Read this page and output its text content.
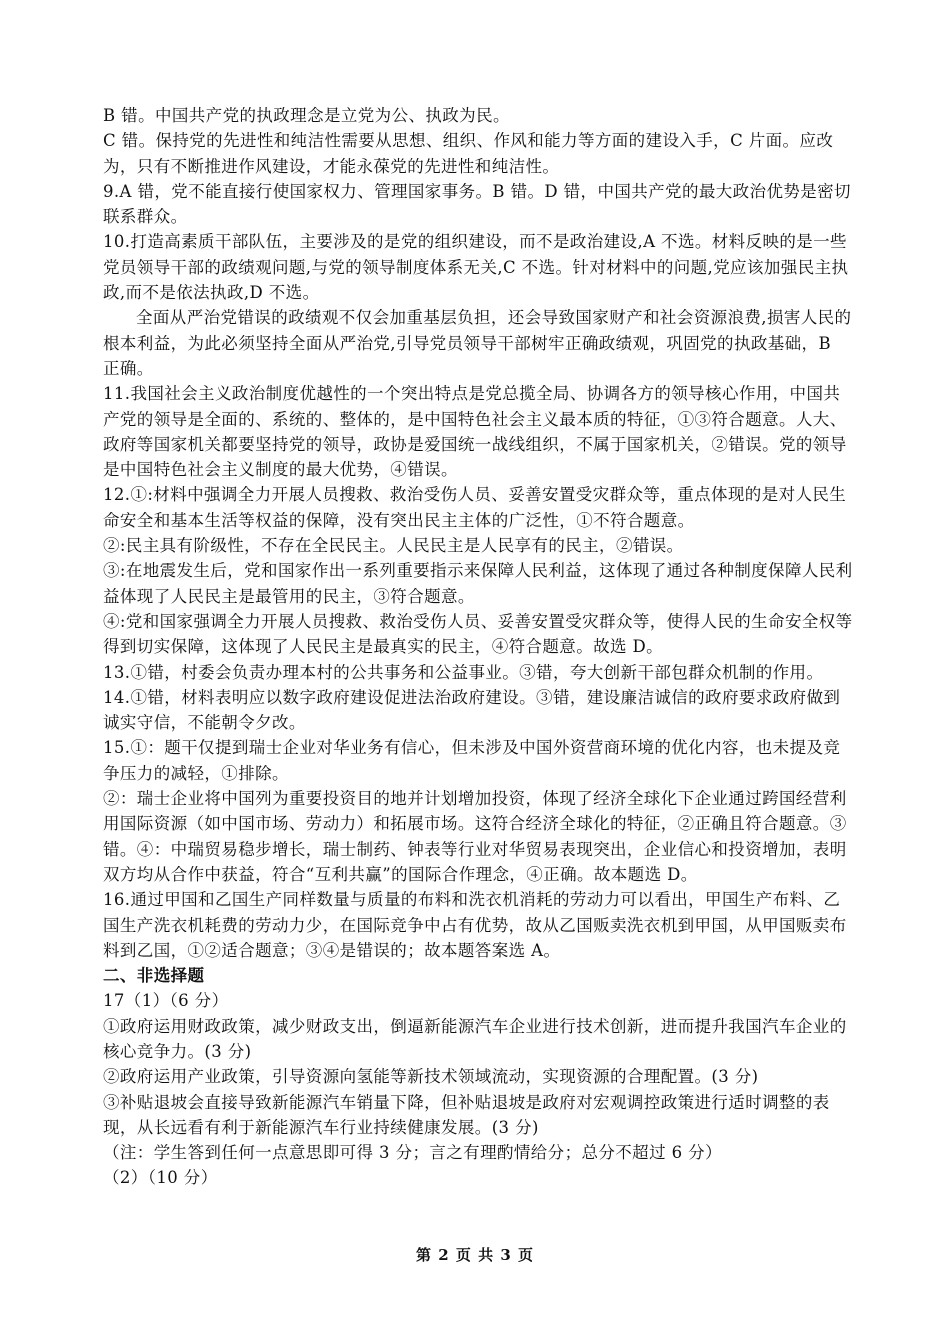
B 错。中国共产党的执政理念是立党为公、执政为民。

C 错。保持党的先进性和纯洁性需要从思想、组织、作风和能力等方面的建设入手，C 片面。应改为，只有不断推进作风建设，才能永葆党的先进性和纯洁性。

9.A 错，党不能直接行使国家权力、管理国家事务。B 错。D 错，中国共产党的最大政治优势是密切联系群众。

10.打造高素质干部队伍，主要涉及的是党的组织建设，而不是政治建设,A 不选。材料反映的是一些党员领导干部的政绩观问题,与党的领导制度体系无关,C 不选。针对材料中的问题,党应该加强民主执政,而不是依法执政,D 不选。

全面从严治党错误的政绩观不仅会加重基层负担，还会导致国家财产和社会资源浪费,损害人民的根本利益，为此必须坚持全面从严治党,引导党员领导干部树牢正确政绩观，巩固党的执政基础，B 正确。

11.我国社会主义政治制度优越性的一个突出特点是党总揽全局、协调各方的领导核心作用，中国共产党的领导是全面的、系统的、整体的，是中国特色社会主义最本质的特征，①③符合题意。人大、政府等国家机关都要坚持党的领导，政协是爱国统一战线组织，不属于国家机关，②错误。党的领导是中国特色社会主义制度的最大优势，④错误。

12.①:材料中强调全力开展人员搜救、救治受伤人员、妥善安置受灾群众等，重点体现的是对人民生命安全和基本生活等权益的保障，没有突出民主主体的广泛性，①不符合题意。

②:民主具有阶级性，不存在全民民主。人民民主是人民享有的民主，②错误。

③:在地震发生后，党和国家作出一系列重要指示来保障人民利益，这体现了通过各种制度保障人民利益体现了人民民主是最管用的民主，③符合题意。

④:党和国家强调全力开展人员搜救、救治受伤人员、妥善安置受灾群众等，使得人民的生命安全权等得到切实保障，这体现了人民民主是最真实的民主，④符合题意。故选 D。

13.①错，村委会负责办理本村的公共事务和公益事业。③错，夸大创新干部包群众机制的作用。

14.①错，材料表明应以数字政府建设促进法治政府建设。③错，建设廉洁诚信的政府要求政府做到诚实守信，不能朝令夕改。

15.①：题干仅提到瑞士企业对华业务有信心，但未涉及中国外资营商环境的优化内容，也未提及竞争压力的减轻，①排除。

②：瑞士企业将中国列为重要投资目的地并计划增加投资，体现了经济全球化下企业通过跨国经营利用国际资源（如中国市场、劳动力）和拓展市场。这符合经济全球化的特征，②正确且符合题意。③错。④：中瑞贸易稳步增长，瑞士制药、钟表等行业对华贸易表现突出，企业信心和投资增加，表明双方均从合作中获益，符合“互利共赢”的国际合作理念，④正确。故本题选 D。

16.通过甲国和乙国生产同样数量与质量的布料和洗衣机消耗的劳动力可以看出，甲国生产布料、乙国生产洗衣机耗费的劳动力少，在国际竞争中占有优势，故从乙国贩卖洗衣机到甲国，从甲国贩卖布料到乙国，①②适合题意；③④是错误的；故本题答案选 A。

二、非选择题

17（1）（6 分）

①政府运用财政政策，减少财政支出，倒逼新能源汽车企业进行技术创新，进而提升我国汽车企业的核心竞争力。(3 分)

②政府运用产业政策，引导资源向氢能等新技术领域流动，实现资源的合理配置。(3 分)

③补贴退坡会直接导致新能源汽车销量下降，但补贴退坡是政府对宏观调控政策进行适时调整的表现，从长远看有利于新能源汽车行业持续健康发展。(3 分)

（注：学生答到任何一点意思即可得 3 分；言之有理酌情给分；总分不超过 6 分）

（2）（10 分）

第 2 页 共 3 页
